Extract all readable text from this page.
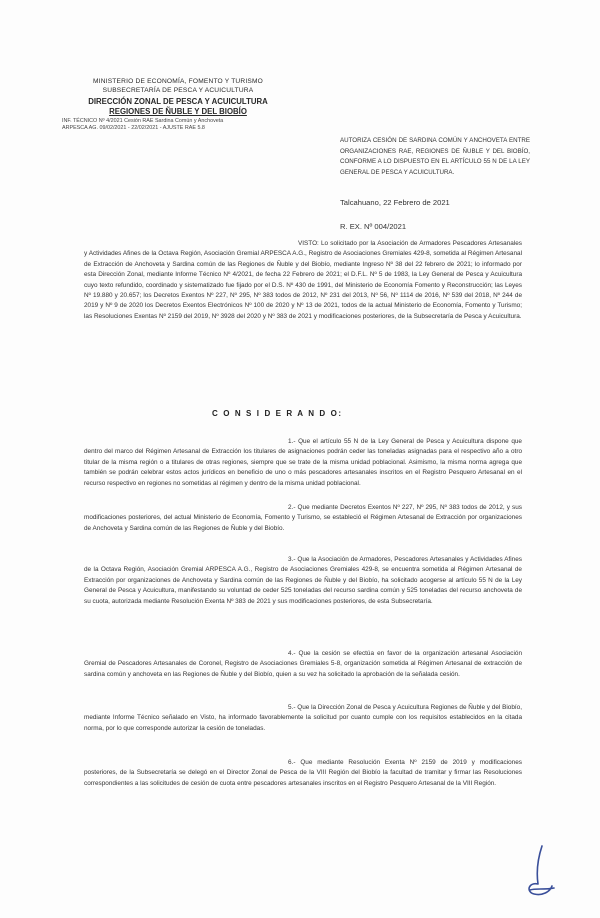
MINISTERIO DE ECONOMÍA, FOMENTO Y TURISMO
SUBSECRETARÍA DE PESCA Y ACUICULTURA
DIRECCIÓN ZONAL DE PESCA Y ACUICULTURA
REGIONES DE ÑUBLE Y DEL BIOBÍO
INF. TÉCNICO Nº 4/2021 Cesión RAE Sardina Común y Anchoveta
ARPESCA AG. 09/02/2021 - 22/02/2021 - AJUSTE RAE 5.8
AUTORIZA CESIÓN DE SARDINA COMÚN Y ANCHOVETA ENTRE ORGANIZACIONES RAE, REGIONES DE ÑUBLE Y DEL BIOBÍO, CONFORME A LO DISPUESTO EN EL ARTÍCULO 55 N DE LA LEY GENERAL DE PESCA Y ACUICULTURA.
Talcahuano, 22 Febrero de 2021
R. EX. Nº 004/2021

VISTO: Lo solicitado por la Asociación de Armadores Pescadores Artesanales y Actividades Afines de la Octava Región, Asociación Gremial ARPESCA A.G., Registro de Asociaciones Gremiales 429-8, sometida al Régimen Artesanal de Extracción de Anchoveta y Sardina común de las Regiones de Ñuble y del Biobío, mediante Ingreso Nº 38 del 22 febrero de 2021; lo informado por esta Dirección Zonal, mediante Informe Técnico Nº 4/2021, de fecha 22 Febrero de 2021; el D.F.L. Nº 5 de 1983, la Ley General de Pesca y Acuicultura cuyo texto refundido, coordinado y sistematizado fue fijado por el D.S. Nº 430 de 1991, del Ministerio de Economía Fomento y Reconstrucción; las Leyes Nº 19.880 y 20.657; los Decretos Exentos Nº 227, Nº 295, Nº 383 todos de 2012, Nº 231 del 2013, Nº 56, Nº 1114 de 2016, Nº 539 del 2018, Nº 244 de 2019 y Nº 9 de 2020 los Decretos Exentos Electrónicos Nº 100 de 2020 y Nº 13 de 2021, todos de la actual Ministerio de Economía, Fomento y Turismo; las Resoluciones Exentas Nº 2159 del 2019, Nº 3928 del 2020 y Nº 383 de 2021 y modificaciones posteriores, de la Subsecretaría de Pesca y Acuicultura.

C O N S I D E R A N D O:

1.- Que el artículo 55 N de la Ley General de Pesca y Acuicultura dispone que dentro del marco del Régimen Artesanal de Extracción los titulares de asignaciones podrán ceder las toneladas asignadas para el respectivo año a otro titular de la misma región o a titulares de otras regiones, siempre que se trate de la misma unidad poblacional. Asimismo, la misma norma agrega que también se podrán celebrar estos actos jurídicos en beneficio de uno o más pescadores artesanales inscritos en el Registro Pesquero Artesanal en el recurso respectivo en regiones no sometidas al régimen y dentro de la misma unidad poblacional.

2.- Que mediante Decretos Exentos Nº 227, Nº 295, Nº 383 todos de 2012, y sus modificaciones posteriores, del actual Ministerio de Economía, Fomento y Turismo, se estableció el Régimen Artesanal de Extracción por organizaciones de Anchoveta y Sardina común de las Regiones de Ñuble y del Biobío.

3.- Que la Asociación de Armadores, Pescadores Artesanales y Actividades Afines de la Octava Región, Asociación Gremial ARPESCA A.G., Registro de Asociaciones Gremiales 429-8, se encuentra sometida al Régimen Artesanal de Extracción por organizaciones de Anchoveta y Sardina común de las Regiones de Ñuble y del Biobío, ha solicitado acogerse al artículo 55 N de la Ley General de Pesca y Acuicultura, manifestando su voluntad de ceder 525 toneladas del recurso sardina común y 525 toneladas del recurso anchoveta de su cuota, autorizada mediante Resolución Exenta Nº 383 de 2021 y sus modificaciones posteriores, de esta Subsecretaría.

4.- Que la cesión se efectúa en favor de la organización artesanal Asociación Gremial de Pescadores Artesanales de Coronel, Registro de Asociaciones Gremiales 5-8, organización sometida al Régimen Artesanal de extracción de sardina común y anchoveta en las Regiones de Ñuble y del Biobío, quien a su vez ha solicitado la aprobación de la señalada cesión.

5.- Que la Dirección Zonal de Pesca y Acuicultura Regiones de Ñuble y del Biobío, mediante Informe Técnico señalado en Visto, ha informado favorablemente la solicitud por cuanto cumple con los requisitos establecidos en la citada norma, por lo que corresponde autorizar la cesión de toneladas.

6.- Que mediante Resolución Exenta Nº 2159 de 2019 y modificaciones posteriores, de la Subsecretaría se delegó en el Director Zonal de Pesca de la VIII Región del Biobío la facultad de tramitar y firmar las Resoluciones correspondientes a las solicitudes de cesión de cuota entre pescadores artesanales inscritos en el Registro Pesquero Artesanal de la VIII Región.
